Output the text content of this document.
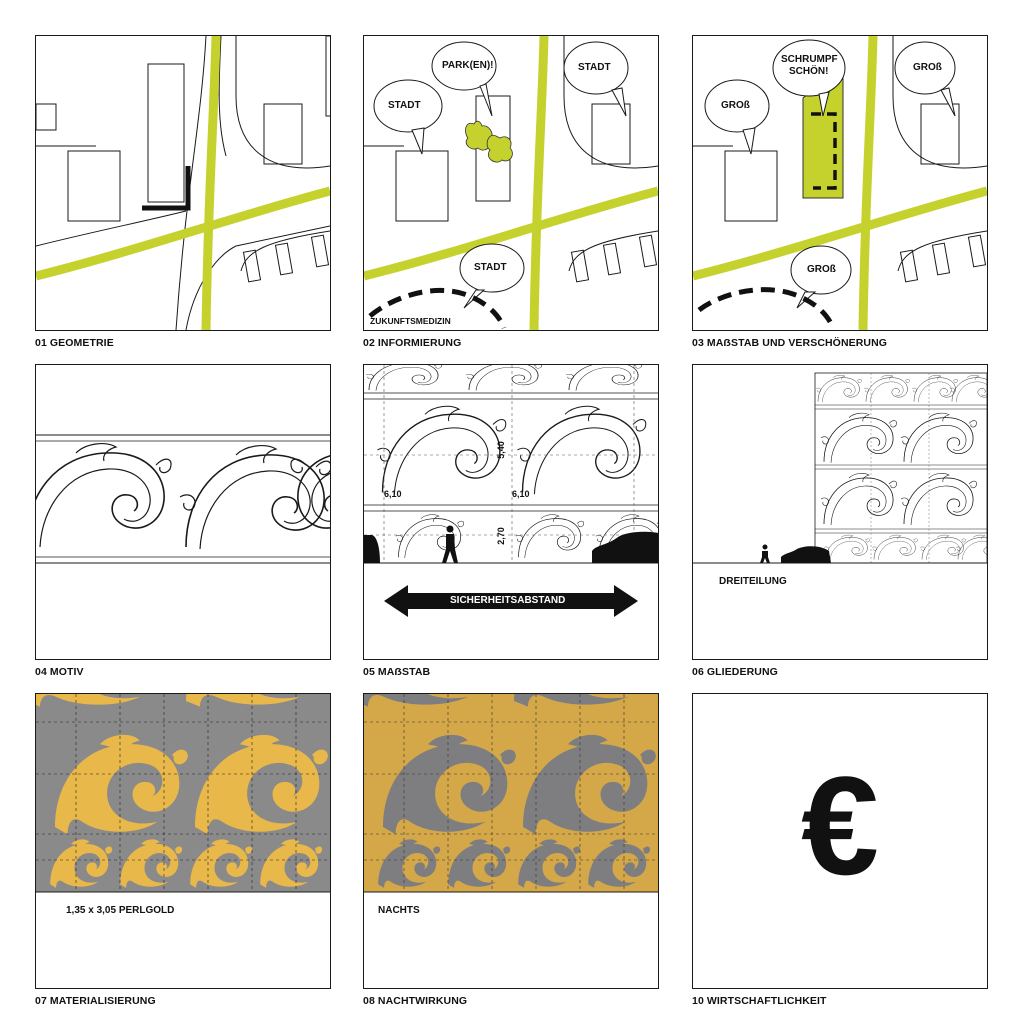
01 GEOMETRIE
PARK(EN)!	STADT
STADT
STADT
ZUKUNFTSMEDIZIN
02 INFORMIERUNG
SCHRUMPF
SCHÖN!	GROß
GROß
GROß
03 MAẞSTAB UND VERSCHÖNERUNG
04 MOTIV
5,40
6,10	6,10
2,70
SICHERHEITSABSTAND
05 MAẞSTAB
DREITEILUNG
06 GLIEDERUNG
1,35 x 3,05 PERLGOLD
07 MATERIALISIERUNG
NACHTS
08 NACHTWIRKUNG
€
10 WIRTSCHAFTLICHKEIT
